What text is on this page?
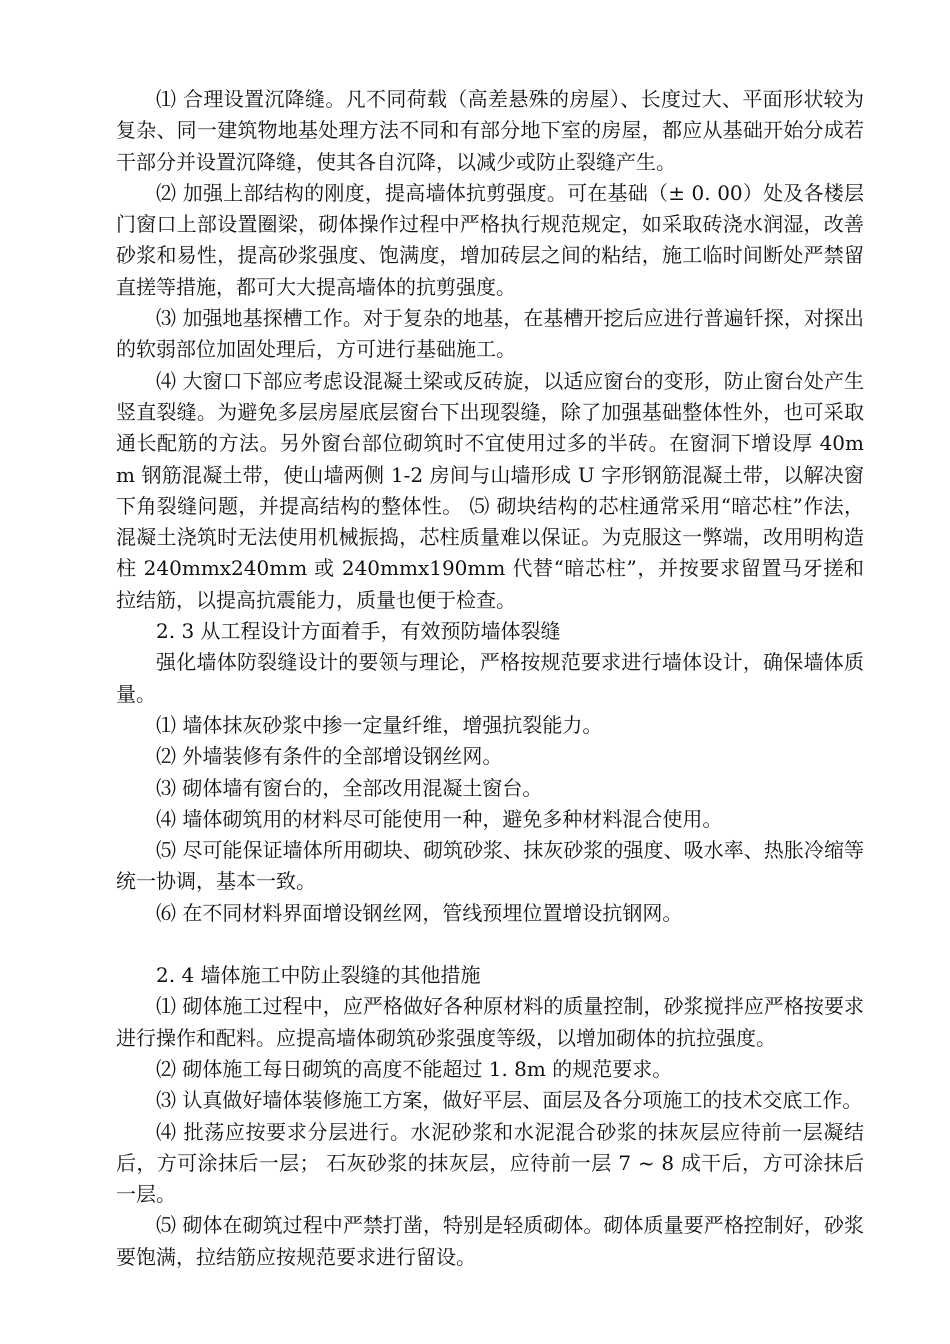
⑴ 合理设置沉降缝。凡不同荷载（高差悬殊的房屋）、长度过大、平面形状较为复杂、同一建筑物地基处理方法不同和有部分地下室的房屋，都应从基础开始分成若干部分并设置沉降缝，使其各自沉降，以减少或防止裂缝产生。

⑵ 加强上部结构的刚度，提高墙体抗剪强度。可在基础（± 0. 00）处及各楼层门窗口上部设置圈梁，砌体操作过程中严格执行规范规定，如采取砖浇水润湿，改善砂浆和易性，提高砂浆强度、饱满度，增加砖层之间的粘结，施工临时间断处严禁留直搓等措施，都可大大提高墙体的抗剪强度。

⑶ 加强地基探槽工作。对于复杂的地基，在基槽开挖后应进行普遍钎探，对探出的软弱部位加固处理后，方可进行基础施工。

⑷ 大窗口下部应考虑设混凝土梁或反砖旋，以适应窗台的变形，防止窗台处产生竖直裂缝。为避免多层房屋底层窗台下出现裂缝，除了加强基础整体性外，也可采取通长配筋的方法。另外窗台部位砌筑时不宜使用过多的半砖。在窗洞下增设厚 40mm 钢筋混凝土带，使山墙两侧 1-2 房间与山墙形成 U 字形钢筋混凝土带，以解决窗下角裂缝问题，并提高结构的整体性。 ⑸ 砌块结构的芯柱通常采用“暗芯柱”作法，混凝土浇筑时无法使用机械振捣，芯柱质量难以保证。为克服这一弊端，改用明构造柱 240mmx240mm 或 240mmx190mm 代替“暗芯柱”，并按要求留置马牙搓和拉结筋，以提高抗震能力，质量也便于检查。

2. 3 从工程设计方面着手，有效预防墙体裂缝

强化墙体防裂缝设计的要领与理论，严格按规范要求进行墙体设计，确保墙体质量。

⑴ 墙体抹灰砂浆中掺一定量纤维，增强抗裂能力。

⑵ 外墙装修有条件的全部增设钢丝网。

⑶ 砌体墙有窗台的，全部改用混凝土窗台。

⑷ 墙体砌筑用的材料尽可能使用一种，避免多种材料混合使用。

⑸ 尽可能保证墙体所用砌块、砌筑砂浆、抹灰砂浆的强度、吸水率、热胀冷缩等统一协调，基本一致。

⑹ 在不同材料界面增设钢丝网，管线预埋位置增设抗钢网。

2. 4 墙体施工中防止裂缝的其他措施

⑴ 砌体施工过程中，应严格做好各种原材料的质量控制，砂浆搅拌应严格按要求进行操作和配料。应提高墙体砌筑砂浆强度等级，以增加砌体的抗拉强度。

⑵ 砌体施工每日砌筑的高度不能超过 1. 8m 的规范要求。

⑶ 认真做好墙体装修施工方案，做好平层、面层及各分项施工的技术交底工作。

⑷ 批荡应按要求分层进行。水泥砂浆和水泥混合砂浆的抹灰层应待前一层凝结后，方可涂抹后一层； 石灰砂浆的抹灰层，应待前一层 7 ~ 8 成干后，方可涂抹后一层。

⑸ 砌体在砌筑过程中严禁打凿，特别是轻质砌体。砌体质量要严格控制好，砂浆要饱满，拉结筋应按规范要求进行留设。
